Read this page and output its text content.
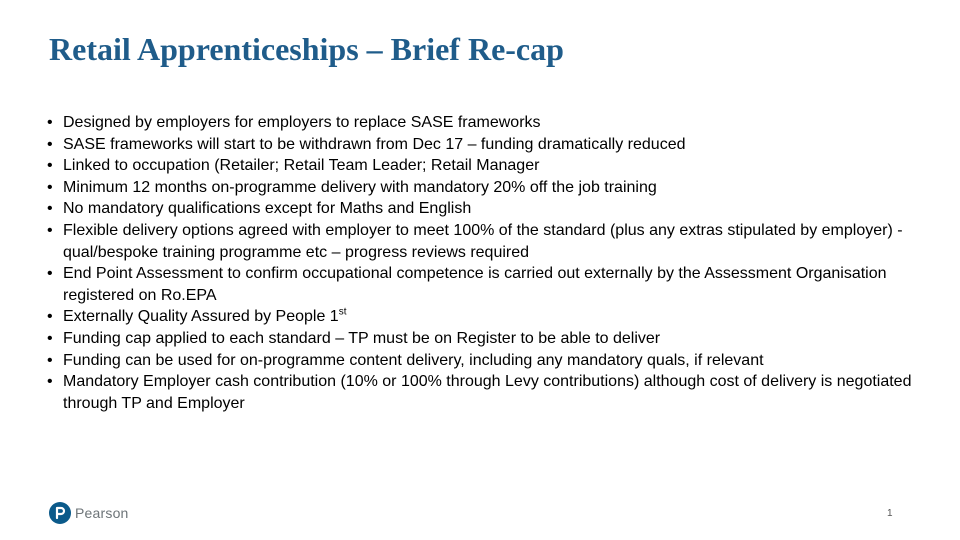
Retail Apprenticeships – Brief Re-cap
• Designed by employers for employers to replace SASE frameworks
• SASE frameworks will start to be withdrawn from Dec 17 – funding dramatically reduced
• Linked to occupation (Retailer; Retail Team Leader; Retail Manager
• Minimum 12 months on-programme delivery with mandatory 20% off the job training
• No mandatory qualifications except for Maths and English
• Flexible delivery options agreed with employer to meet 100% of the standard (plus any extras stipulated by employer) - qual/bespoke training programme etc – progress reviews required
• End Point Assessment to confirm occupational competence is carried out externally by the Assessment Organisation registered on Ro.EPA
• Externally Quality Assured by People 1st
• Funding cap applied to each standard – TP must be on Register to be able to deliver
• Funding can be used for on-programme content delivery, including any mandatory quals, if relevant
• Mandatory Employer cash contribution (10% or 100% through Levy contributions) although cost of delivery is negotiated through TP and Employer
Pearson	1
